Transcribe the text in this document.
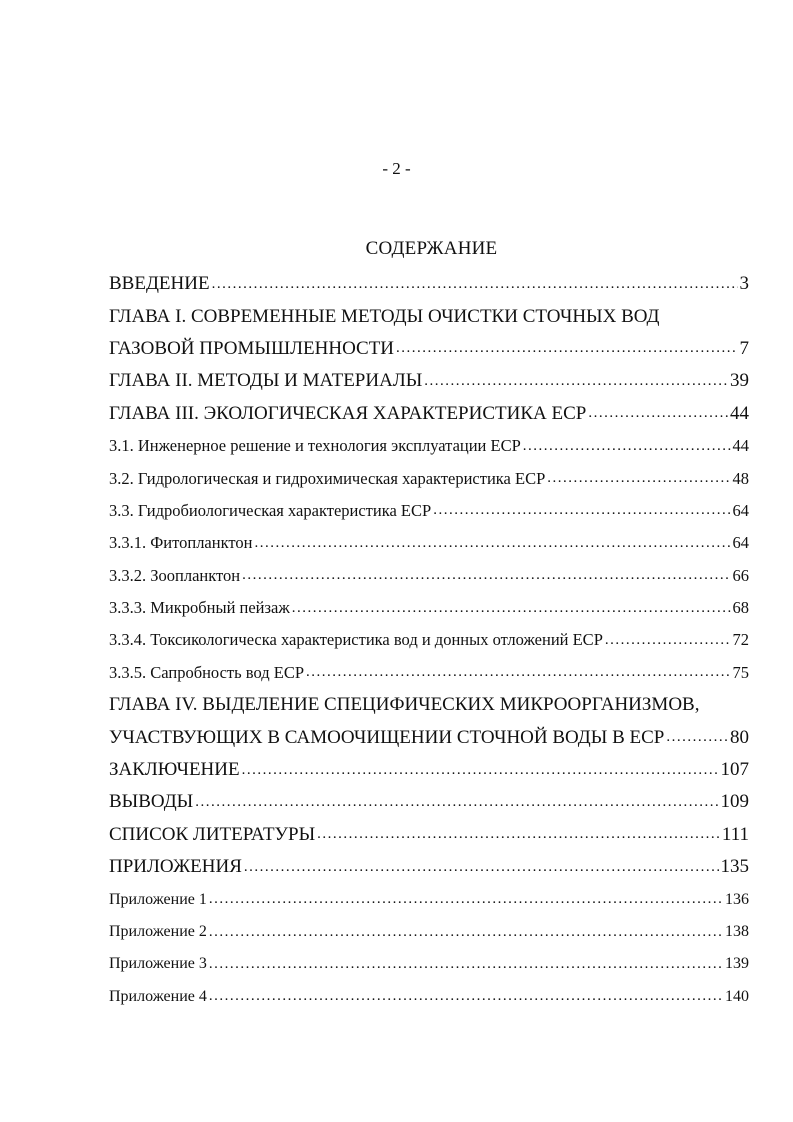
- 2 -
СОДЕРЖАНИЕ
ВВЕДЕНИЕ .....	3
ГЛАВА I. СОВРЕМЕННЫЕ МЕТОДЫ ОЧИСТКИ СТОЧНЫХ ВОД
ГАЗОВОЙ ПРОМЫШЛЕННОСТИ .....	7
ГЛАВА II. МЕТОДЫ И МАТЕРИАЛЫ .....	39
ГЛАВА III. ЭКОЛОГИЧЕСКАЯ ХАРАКТЕРИСТИКА ЕСР .....	44
3.1. Инженерное решение и технология эксплуатации ЕСР .....	44
3.2. Гидрологическая и гидрохимическая характеристика ЕСР .....	48
3.3. Гидробиологическая характеристика ЕСР .....	64
3.3.1. Фитопланктон .....	64
3.3.2. Зоопланктон .....	66
3.3.3. Микробный пейзаж .....	68
3.3.4. Токсикологическа характеристика вод и донных отложений ЕСР .....	72
3.3.5. Сапробность вод ЕСР .....	75
ГЛАВА IV. ВЫДЕЛЕНИЕ СПЕЦИФИЧЕСКИХ МИКРООРГАНИЗМОВ,
УЧАСТВУЮЩИХ В САМООЧИЩЕНИИ СТОЧНОЙ ВОДЫ В ЕСР .....	80
ЗАКЛЮЧЕНИЕ .....	107
ВЫВОДЫ .....	109
СПИСОК ЛИТЕРАТУРЫ .....	111
ПРИЛОЖЕНИЯ .....	135
Приложение 1 .....	136
Приложение 2 .....	138
Приложение 3 .....	139
Приложение 4 .....	140
